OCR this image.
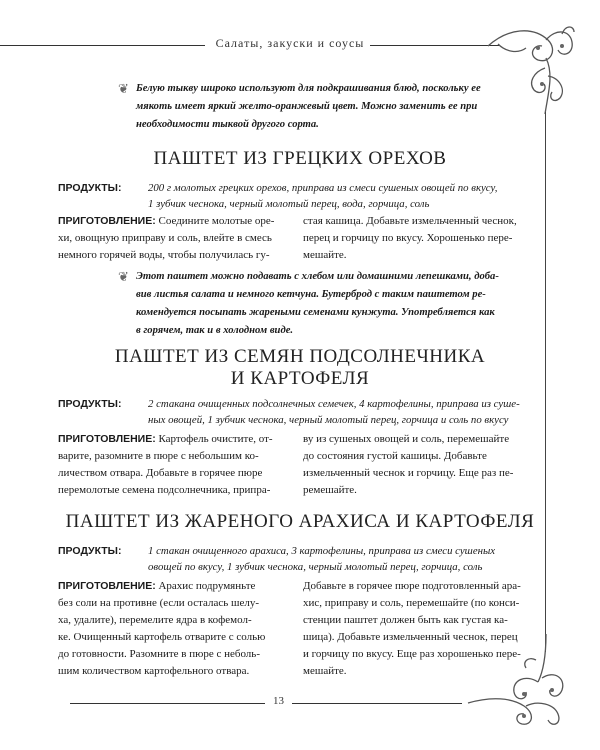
Салаты, закуски и соусы
❦ Белую тыкву широко используют для подкрашивания блюд, поскольку ее
мякоть имеет яркий желто-оранжевый цвет. Можно заменить ее при
необходимости тыквой другого сорта.
ПАШТЕТ ИЗ ГРЕЦКИХ ОРЕХОВ
ПРОДУКТЫ: 200 г молотых грецких орехов, приправа из смеси сушеных овощей по вкусу,
1 зубчик чеснока, черный молотый перец, вода, горчица, соль

ПРИГОТОВЛЕНИЕ: Соедините молотые оре-

хи, овощную приправу и соль, влейте в смесь

немного горячей воды, чтобы получилась гу-

стая кашица. Добавьте измельченный чеснок,

перец и горчицу по вкусу. Хорошенько пере-

мешайте.

❦ Этот паштет можно подавать с хлебом или домашними лепешками, доба-
вив листья салата и немного кетчуна. Бутерброд с таким паштетом ре-
комендуется посыпать жареными семенами кунжута. Употребляется как
в горячем, так и в холодном виде.
ПАШТЕТ ИЗ СЕМЯН ПОДСОЛНЕЧНИКА
И КАРТОФЕЛЯ
ПРОДУКТЫ: 2 стакана очищенных подсолнечных семечек, 4 картофелины, приправа из суше-
ных овощей, 1 зубчик чеснока, черный молотый перец, горчица и соль по вкусу

ПРИГОТОВЛЕНИЕ: Картофель очистите, от-

варите, разомните в пюре с небольшим ко-

личеством отвара. Добавьте в горячее пюре

перемолотые семена подсолнечника, припра-

ву из сушеных овощей и соль, перемешайте

до состояния густой кашицы. Добавьте

измельченный чеснок и горчицу. Еще раз пе-

ремешайте.

ПАШТЕТ ИЗ ЖАРЕНОГО АРАХИСА И КАРТОФЕЛЯ
ПРОДУКТЫ: 1 стакан очищенного арахиса, 3 картофелины, приправа из смеси сушеных
овощей по вкусу, 1 зубчик чеснока, черный молотый перец, горчица, соль

ПРИГОТОВЛЕНИЕ: Арахис подрумяньте

без соли на противне (если осталась шелу-

ха, удалите), перемелите ядра в кофемол-

ке. Очищенный картофель отварите с солью

до готовности. Разомните в пюре с неболь-

шим количеством картофельного отвара.

Добавьте в горячее пюре подготовленный ара-

хис, приправу и соль, перемешайте (по конси-

стенции паштет должен быть как густая ка-

шица). Добавьте измельченный чеснок, перец

и горчицу по вкусу. Еще раз хорошенько пере-

мешайте.

13
